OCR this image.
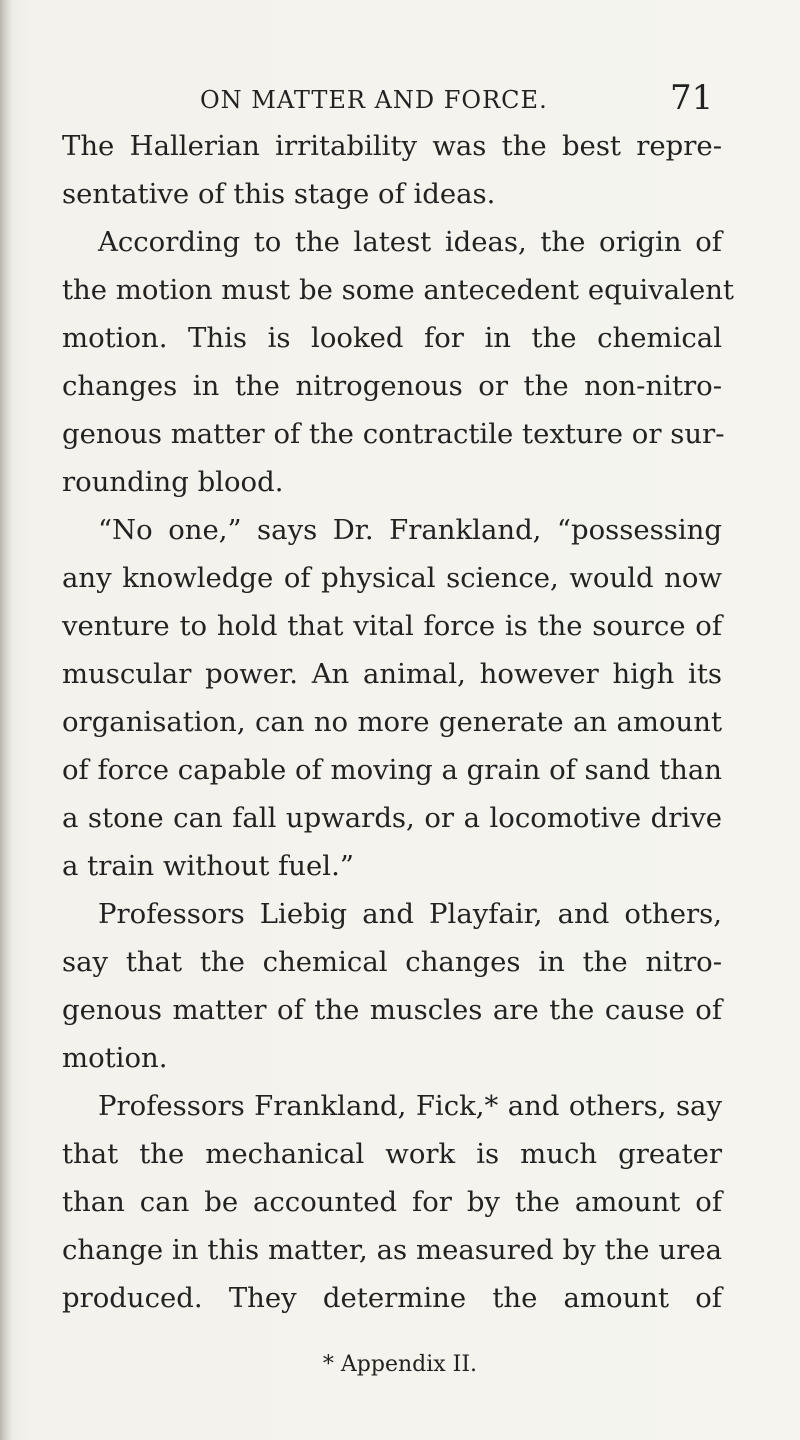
ON MATTER AND FORCE.	71
The Hallerian irritability was the best repre-
sentative of this stage of ideas.
According to the latest ideas, the origin of
the motion must be some antecedent equivalent
motion. This is looked for in the chemical
changes in the nitrogenous or the non-nitro-
genous matter of the contractile texture or sur-
rounding blood.
“No one,” says Dr. Frankland, “possessing
any knowledge of physical science, would now
venture to hold that vital force is the source of
muscular power. An animal, however high its
organisation, can no more generate an amount
of force capable of moving a grain of sand than
a stone can fall upwards, or a locomotive drive
a train without fuel.”
Professors Liebig and Playfair, and others,
say that the chemical changes in the nitro-
genous matter of the muscles are the cause of
motion.
Professors Frankland, Fick,* and others, say
that the mechanical work is much greater
than can be accounted for by the amount of
change in this matter, as measured by the urea
produced. They determine the amount of
* Appendix II.
